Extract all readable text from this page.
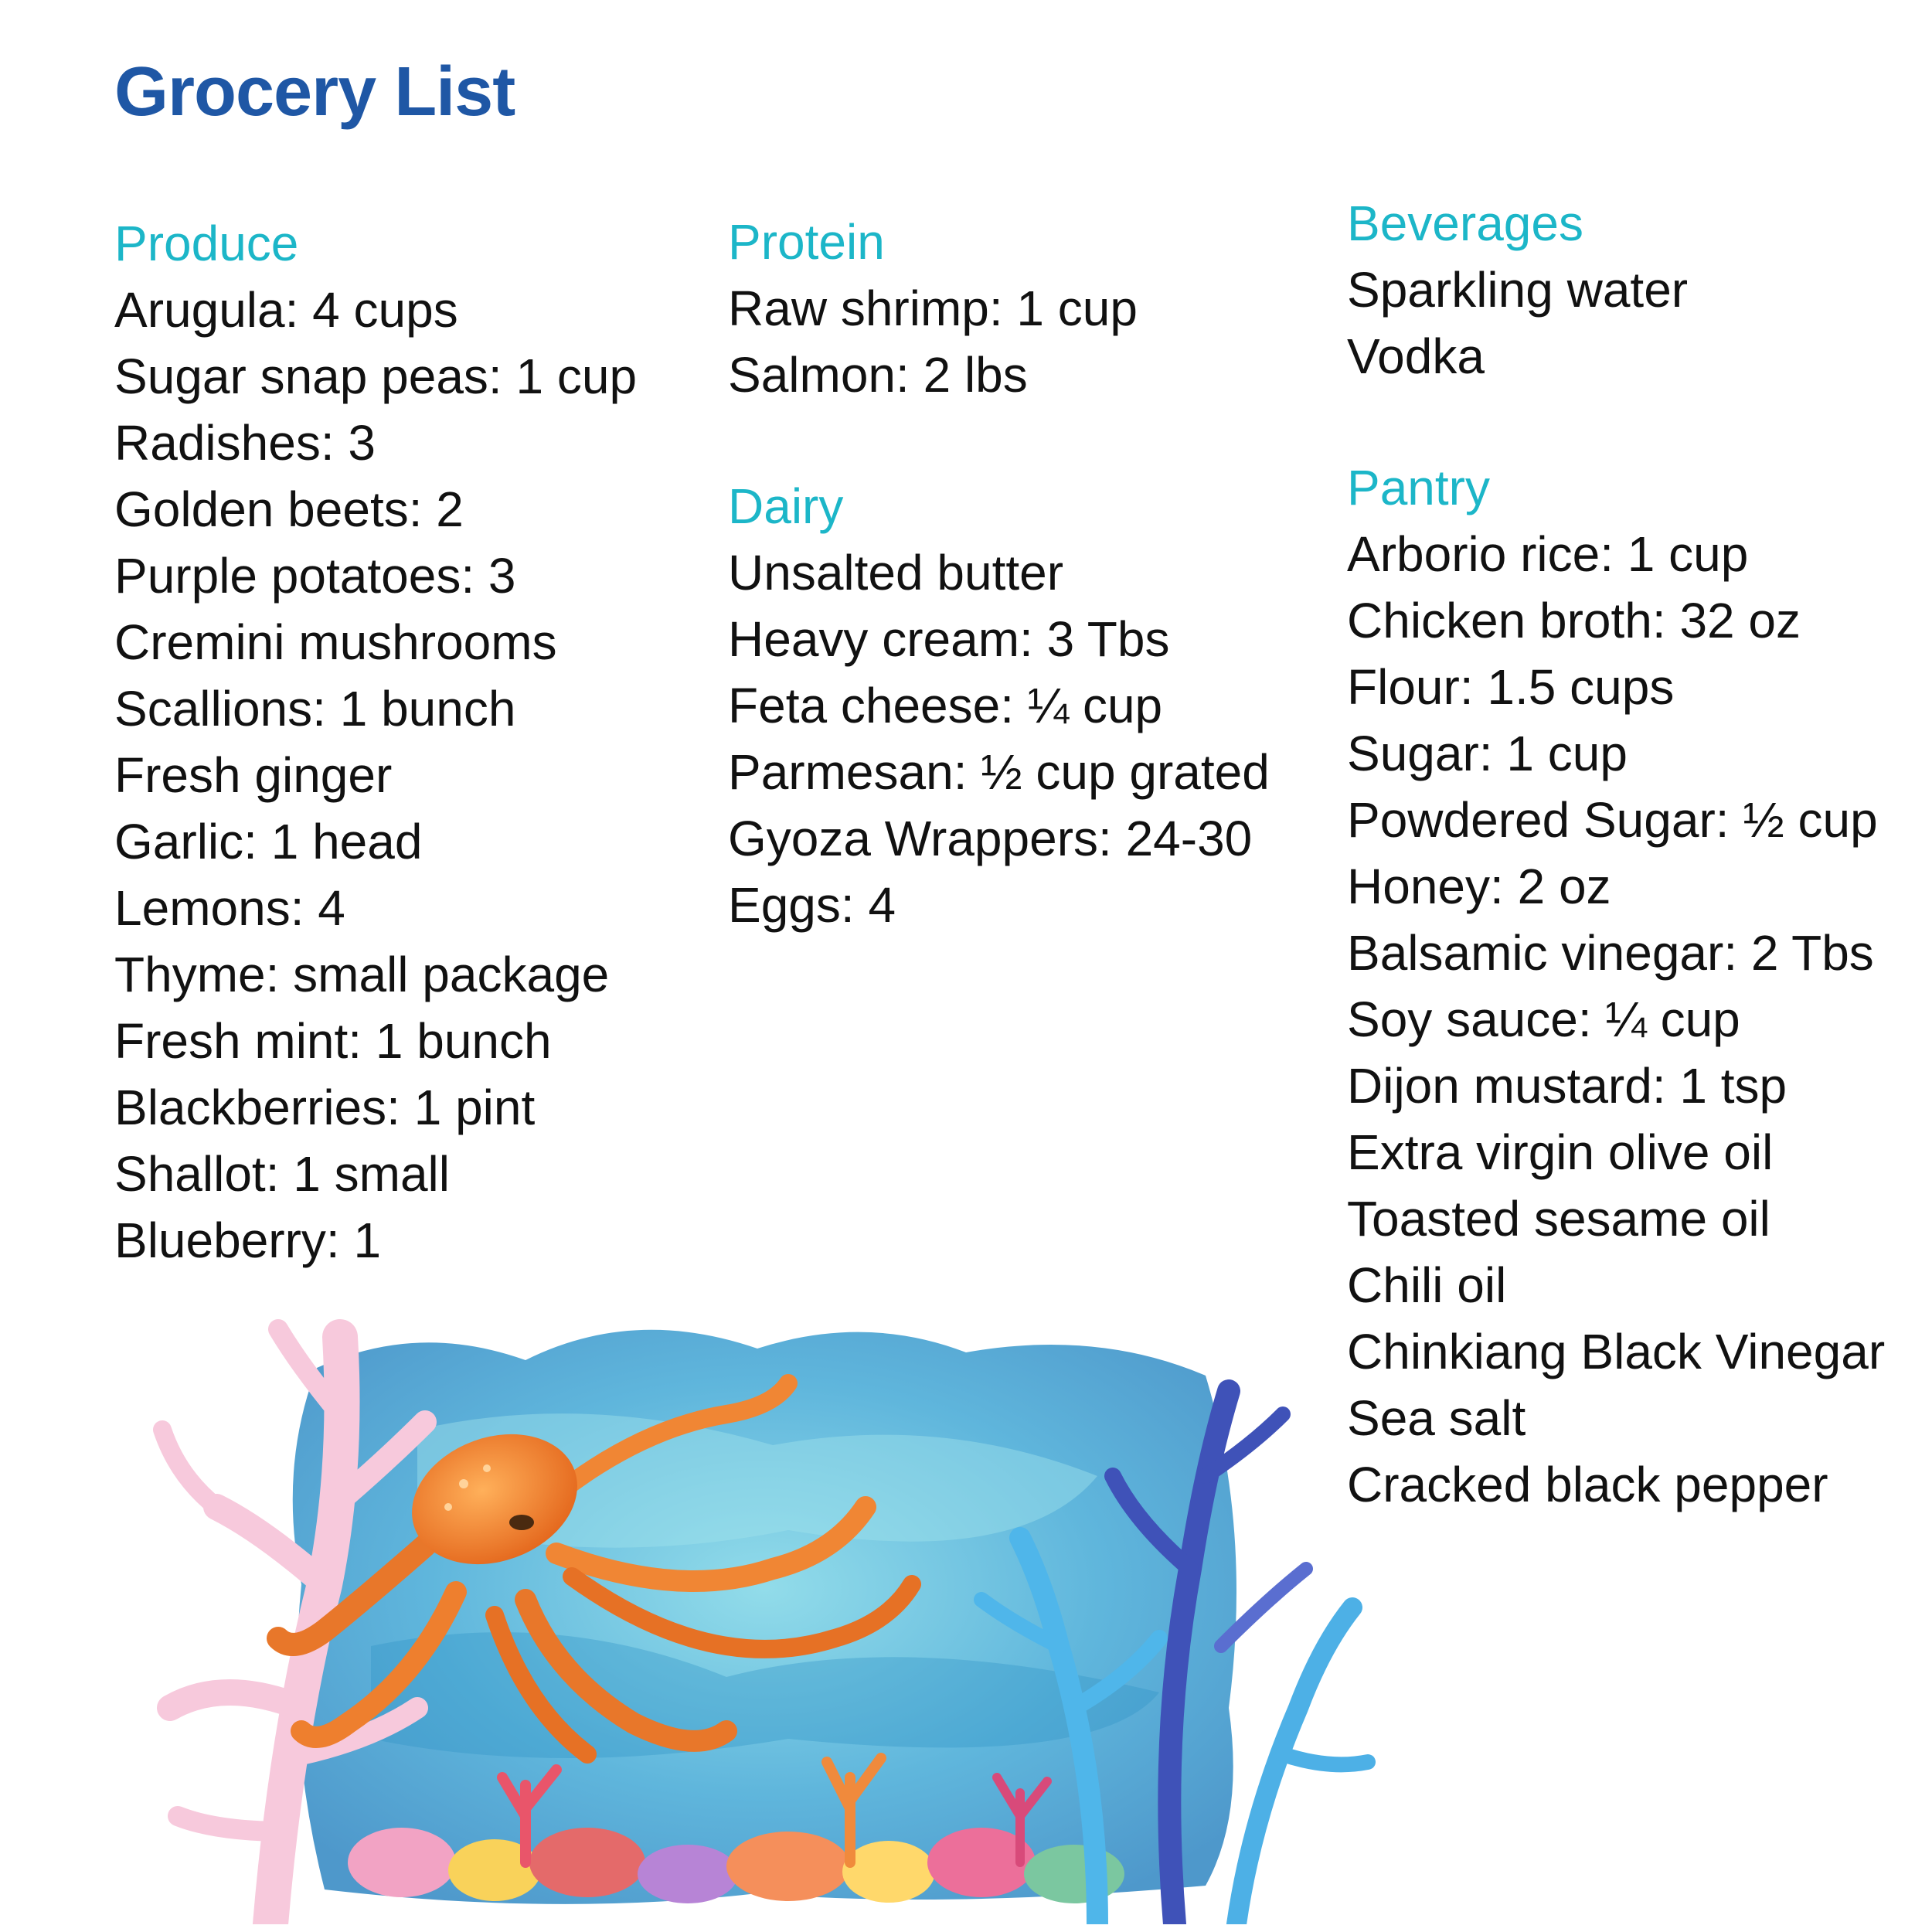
Grocery List
Produce
Arugula: 4 cups
Sugar snap peas: 1 cup
Radishes: 3
Golden beets: 2
Purple potatoes: 3
Cremini mushrooms
Scallions: 1 bunch
Fresh ginger
Garlic: 1 head
Lemons: 4
Thyme: small package
Fresh mint: 1 bunch
Blackberries: 1 pint
Shallot: 1 small
Blueberry: 1
Protein
Raw shrimp: 1 cup
Salmon: 2 lbs
Dairy
Unsalted butter
Heavy cream: 3 Tbs
Feta cheese: ¼ cup
Parmesan: ½ cup grated
Gyoza Wrappers: 24-30
Eggs: 4
Beverages
Sparkling water
Vodka
Pantry
Arborio rice: 1 cup
Chicken broth: 32 oz
Flour: 1.5 cups
Sugar: 1 cup
Powdered Sugar: ½ cup
Honey: 2 oz
Balsamic vinegar: 2 Tbs
Soy sauce: ¼ cup
Dijon mustard: 1 tsp
Extra virgin olive oil
Toasted sesame oil
Chili oil
Chinkiang Black Vinegar
Sea salt
Cracked black pepper
